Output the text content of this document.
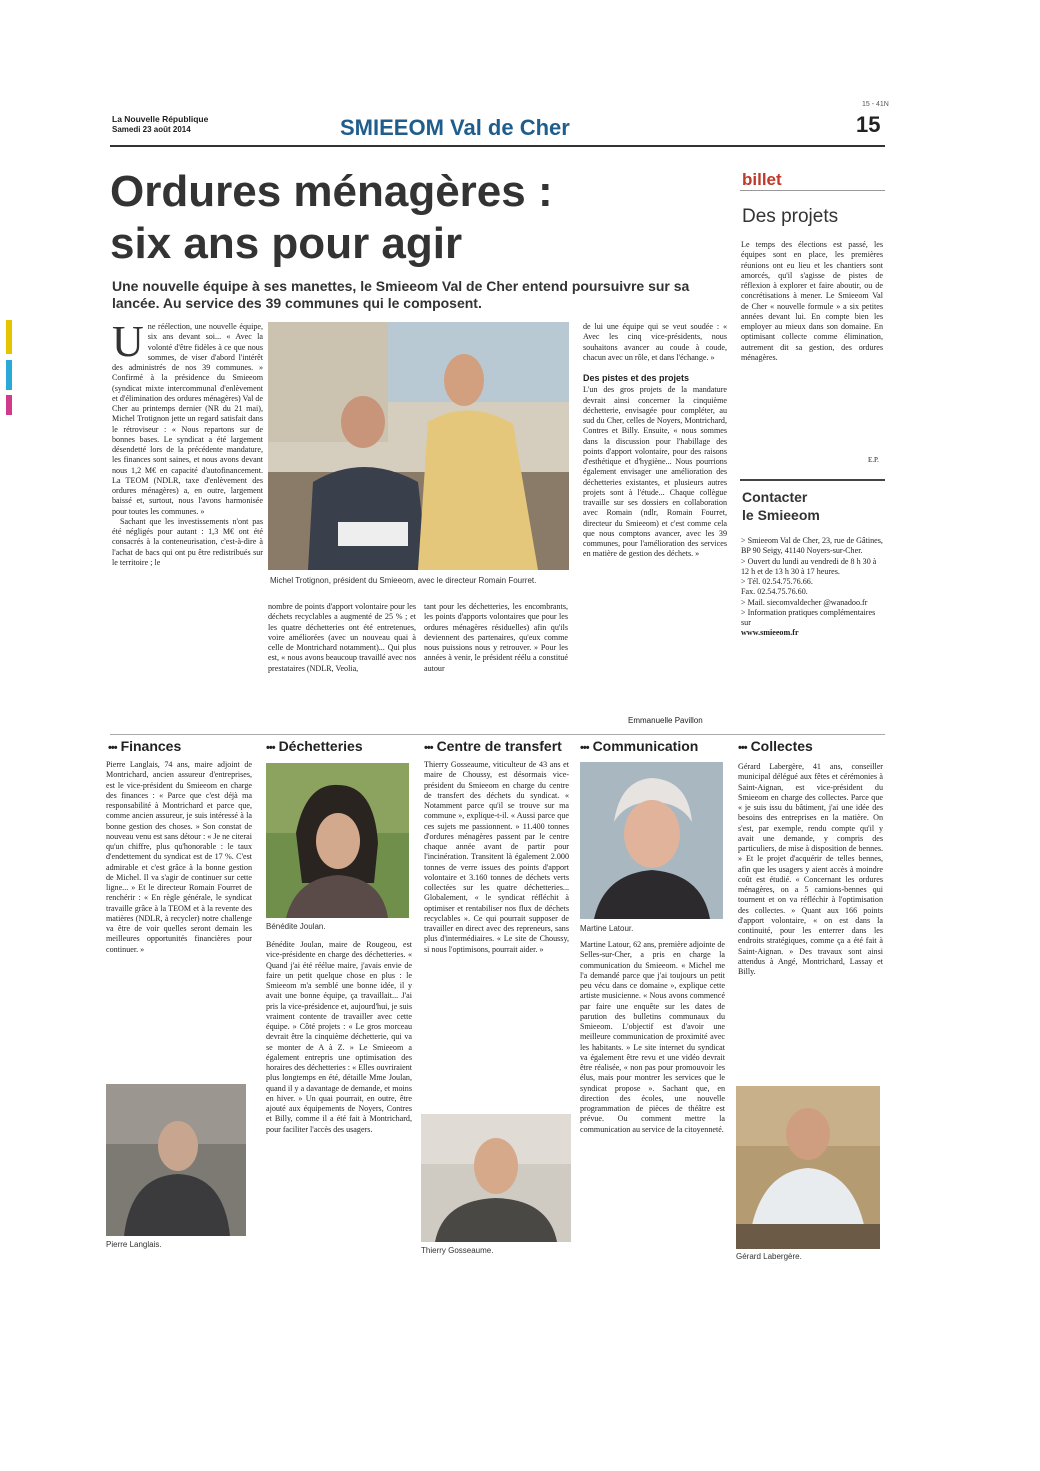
La Nouvelle République
Samedi 23 août 2014	SMIEEOM Val de Cher
15 - 41N
15
Ordures ménagères :
six ans pour agir
Une nouvelle équipe à ses manettes, le Smieeom Val de Cher entend poursuivre sur sa lancée. Au service des 39 communes qui le composent.

Une réélection, une nouvelle équipe, six ans devant soi... « Avec la volonté d'être fidèles à ce que nous sommes, de viser d'abord l'intérêt des administrés de nos 39 communes. » Confirmé à la présidence du Smieeom (syndicat mixte intercommunal d'enlèvement et d'élimination des ordures ménagères) Val de Cher au printemps dernier (NR du 21 mai), Michel Trotignon jette un regard satisfait dans le rétroviseur : « Nous repartons sur de bonnes bases. Le syndicat a été largement désendetté lors de la précédente mandature, les finances sont saines, et nous avons devant nous 1,2 M€ en capacité d'autofinancement. La TEOM (NDLR, taxe d'enlèvement des ordures ménagères) a, en outre, largement baissé et, surtout, nous l'avons harmonisée pour toutes les communes. »

Sachant que les investissements n'ont pas été négligés pour autant : 1,3 M€ ont été consacrés à la conteneurisation, c'est-à-dire à l'achat de bacs qui ont pu être redistribués sur le territoire ; le

Michel Trotignon, président du Smieeom, avec le directeur Romain Fourret.
nombre de points d'apport volontaire pour les déchets recyclables a augmenté de 25 % ; et les quatre déchetteries ont été entretenues, voire améliorées (avec un nouveau quai à celle de Montrichard notamment)... Qui plus est, « nous avons beaucoup travaillé avec nos prestataires (NDLR, Veolia,
tant pour les déchetteries, les encombrants, les points d'apports volontaires que pour les ordures ménagères résiduelles) afin qu'ils deviennent des partenaires, qu'eux comme nous puissions nous y retrouver. » Pour les années à venir, le président réélu a constitué autour

de lui une équipe qui se veut soudée : « Avec les cinq vice-présidents, nous souhaitons avancer au coude à coude, chacun avec un rôle, et dans l'échange. »

Des pistes et des projets

L'un des gros projets de la mandature devrait ainsi concerner la cinquième déchetterie, envisagée pour compléter, au sud du Cher, celles de Noyers, Montrichard, Contres et Billy. Ensuite, « nous sommes dans la discussion pour l'habillage des points d'apport volontaire, pour des raisons d'esthétique et d'hygiène... Nous pourrions également envisager une amélioration des déchetteries existantes, et plusieurs autres projets sont à l'étude... Chaque collègue travaille sur ses dossiers en collaboration avec Romain (ndlr, Romain Fourret, directeur du Smieeom) et c'est comme cela que nous comptons avancer, avec les 39 communes, pour l'amélioration des services en matière de gestion des déchets. »

Emmanuelle Pavillon
billet
Des projets
Le temps des élections est passé, les équipes sont en place, les premières réunions ont eu lieu et les chantiers sont amorcés, qu'il s'agisse de pistes de réflexion à explorer et faire aboutir, ou de concrétisations à mener. Le Smieeom Val de Cher « nouvelle formule » a six petites années devant lui. En compte bien les employer au mieux dans son domaine. En optimisant collecte comme élimination, autrement dit sa gestion, des ordures ménagères.
E.P.
Contacter
le Smieeom

> Smieeom Val de Cher, 23, rue de Gâtines, BP 90 Seigy, 41140 Noyers-sur-Cher.

> Ouvert du lundi au vendredi de 8 h 30 à 12 h et de 13 h 30 à 17 heures.

> Tél. 02.54.75.76.66.

Fax. 02.54.75.76.60.

> Mail. siecomvaldecher @wanadoo.fr

> Information pratiques complémentaires sur

www.smieeom.fr

••• Finances
Pierre Langlais, 74 ans, maire adjoint de Montrichard, ancien assureur d'entreprises, est le vice-président du Smieeom en charge des finances : « Parce que c'est déjà ma responsabilité à Montrichard et parce que, comme ancien assureur, je suis intéressé à la bonne gestion des choses. » Son constat de nouveau venu est sans détour : « Je ne citerai qu'un chiffre, plus qu'honorable : le taux d'endettement du syndicat est de 17 %. C'est admirable et c'est grâce à la bonne gestion de Michel. Il va s'agir de continuer sur cette ligne... » Et le directeur Romain Fourret de renchérir : « En règle générale, le syndicat travaille grâce à la TEOM et à la revente des matières (NDLR, à recycler) notre challenge va être de voir quelles seront demain les meilleures opportunités financières pour continuer. »
Pierre Langlais.
••• Déchetteries
Bénédite Joulan.
Bénédite Joulan, maire de Rougeou, est vice-présidente en charge des déchetteries. « Quand j'ai été réélue maire, j'avais envie de faire un petit quelque chose en plus : le Smieeom m'a semblé une bonne idée, il y avait une bonne équipe, ça travaillait... J'ai pris la vice-présidence et, aujourd'hui, je suis vraiment contente de travailler avec cette équipe. » Côté projets : « Le gros morceau devrait être la cinquième déchetterie, qui va se monter de A à Z. » Le Smieeom a également entrepris une optimisation des horaires des déchetteries : « Elles ouvriraient plus longtemps en été, détaille Mme Joulan, quand il y a davantage de demande, et moins en hiver. » Un quai pourrait, en outre, être ajouté aux équipements de Noyers, Contres et Billy, comme il a été fait à Montrichard, pour faciliter l'accès des usagers.
••• Centre de transfert
Thierry Gosseaume, viticulteur de 43 ans et maire de Choussy, est désormais vice-président du Smieeom en charge du centre de transfert des déchets du syndicat. « Notamment parce qu'il se trouve sur ma commune », explique-t-il. « Aussi parce que ces sujets me passionnent. » 11.400 tonnes d'ordures ménagères passent par le centre chaque année avant de partir pour l'incinération. Transitent là également 2.000 tonnes de verre issues des points d'apport volontaire et 3.160 tonnes de déchets verts collectées sur les quatre déchetteries... Globalement, « le syndicat réfléchit à optimiser et rentabiliser nos flux de déchets recyclables ». Ce qui pourrait supposer de travailler en direct avec des repreneurs, sans plus d'intermédiaires. « Le site de Choussy, si nous l'optimisons, pourrait aider. »
Thierry Gosseaume.
••• Communication
Martine Latour.
Martine Latour, 62 ans, première adjointe de Selles-sur-Cher, a pris en charge la communication du Smieeom. « Michel me l'a demandé parce que j'ai toujours un petit peu vécu dans ce domaine », explique cette artiste musicienne. « Nous avons commencé par faire une enquête sur les dates de parution des bulletins communaux du Smieeom. L'objectif est d'avoir une meilleure communication de proximité avec les habitants. » Le site internet du syndicat va également être revu et une vidéo devrait être réalisée, « non pas pour promouvoir les élus, mais pour montrer les services que le syndicat propose ». Sachant que, en direction des écoles, une nouvelle programmation de pièces de théâtre est prévue. Ou comment mettre la communication au service de la citoyenneté.
••• Collectes
Gérard Labergère, 41 ans, conseiller municipal délégué aux fêtes et cérémonies à Saint-Aignan, est vice-président du Smieeom en charge des collectes. Parce que « je suis issu du bâtiment, j'ai une idée des besoins des entreprises en la matière. On s'est, par exemple, rendu compte qu'il y avait une demande, y compris des particuliers, de mise à disposition de bennes. » Et le projet d'acquérir de telles bennes, afin que les usagers y aient accès à moindre coût est étudié. « Concernant les ordures ménagères, on a 5 camions-bennes qui tournent et on va réfléchir à l'optimisation des collectes. » Quant aux 166 points d'apport volontaire, « on est dans la continuité, pour les enterrer dans les endroits stratégiques, comme ça a été fait à Saint-Aignan. » Des travaux sont ainsi attendus à Angé, Montrichard, Lassay et Billy.
Gérard Labergère.
